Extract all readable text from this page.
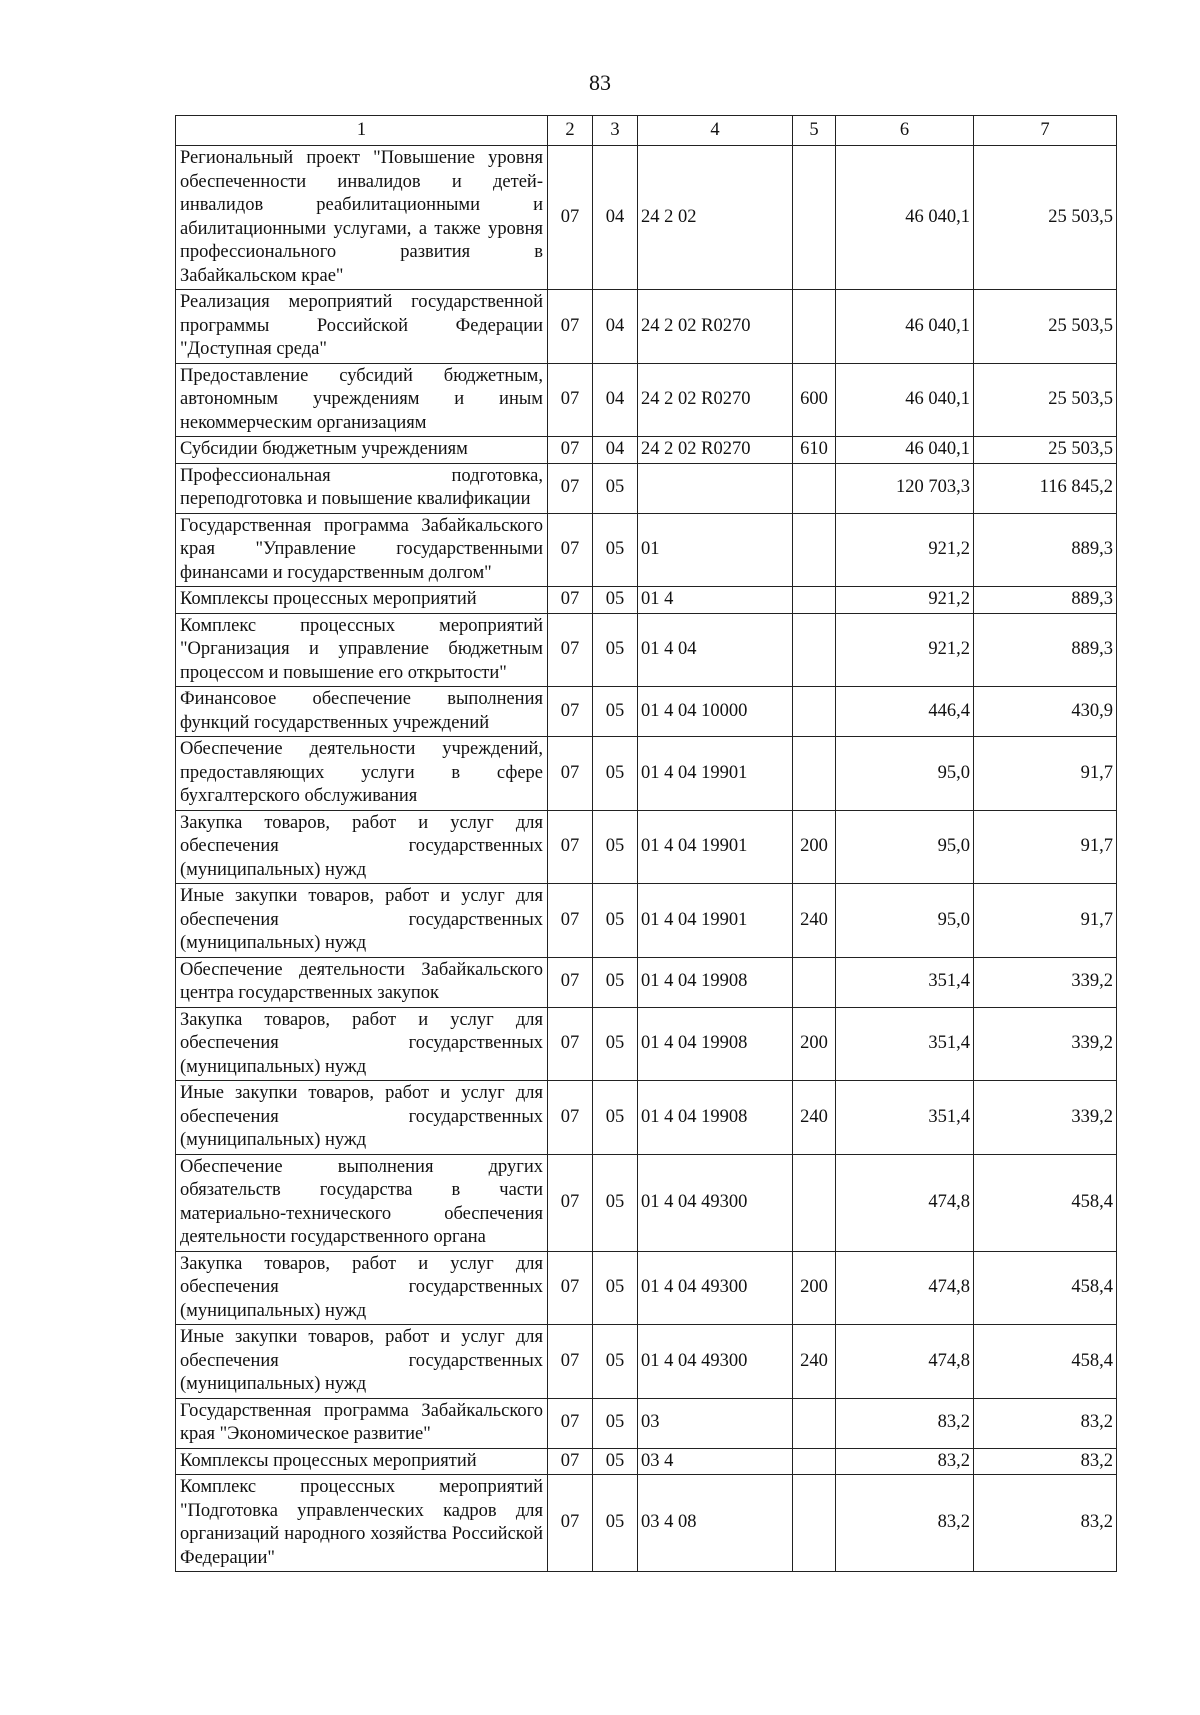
83
1	2	3	4	5	6	7
Региональный проект "Повышение уровня обеспеченности инвалидов и детей-инвалидов реабилитационными и абилитационными услугами, а также уровня профессионального развития в Забайкальском крае"	07	04	24 2 02		46 040,1	25 503,5
Реализация мероприятий государственной программы Российской Федерации "Доступная среда"	07	04	24 2 02 R0270		46 040,1	25 503,5
Предоставление субсидий бюджетным, автономным учреждениям и иным некоммерческим организациям	07	04	24 2 02 R0270	600	46 040,1	25 503,5
Субсидии бюджетным учреждениям	07	04	24 2 02 R0270	610	46 040,1	25 503,5
Профессиональная подготовка, переподготовка и повышение квалификации	07	05			120 703,3	116 845,2
Государственная программа Забайкальского края "Управление государственными финансами и государственным долгом"	07	05	01		921,2	889,3
Комплексы процессных мероприятий	07	05	01 4		921,2	889,3
Комплекс процессных мероприятий "Организация и управление бюджетным процессом и повышение его открытости"	07	05	01 4 04		921,2	889,3
Финансовое обеспечение выполнения функций государственных учреждений	07	05	01 4 04 10000		446,4	430,9
Обеспечение деятельности учреждений, предоставляющих услуги в сфере бухгалтерского обслуживания	07	05	01 4 04 19901		95,0	91,7
Закупка товаров, работ и услуг для обеспечения государственных (муниципальных) нужд	07	05	01 4 04 19901	200	95,0	91,7
Иные закупки товаров, работ и услуг для обеспечения государственных (муниципальных) нужд	07	05	01 4 04 19901	240	95,0	91,7
Обеспечение деятельности Забайкальского центра государственных закупок	07	05	01 4 04 19908		351,4	339,2
Закупка товаров, работ и услуг для обеспечения государственных (муниципальных) нужд	07	05	01 4 04 19908	200	351,4	339,2
Иные закупки товаров, работ и услуг для обеспечения государственных (муниципальных) нужд	07	05	01 4 04 19908	240	351,4	339,2
Обеспечение выполнения других обязательств государства в части материально-технического обеспечения деятельности государственного органа	07	05	01 4 04 49300		474,8	458,4
Закупка товаров, работ и услуг для обеспечения государственных (муниципальных) нужд	07	05	01 4 04 49300	200	474,8	458,4
Иные закупки товаров, работ и услуг для обеспечения государственных (муниципальных) нужд	07	05	01 4 04 49300	240	474,8	458,4
Государственная программа Забайкальского края "Экономическое развитие"	07	05	03		83,2	83,2
Комплексы процессных мероприятий	07	05	03 4		83,2	83,2
Комплекс процессных мероприятий "Подготовка управленческих кадров для организаций народного хозяйства Российской Федерации"	07	05	03 4 08		83,2	83,2
